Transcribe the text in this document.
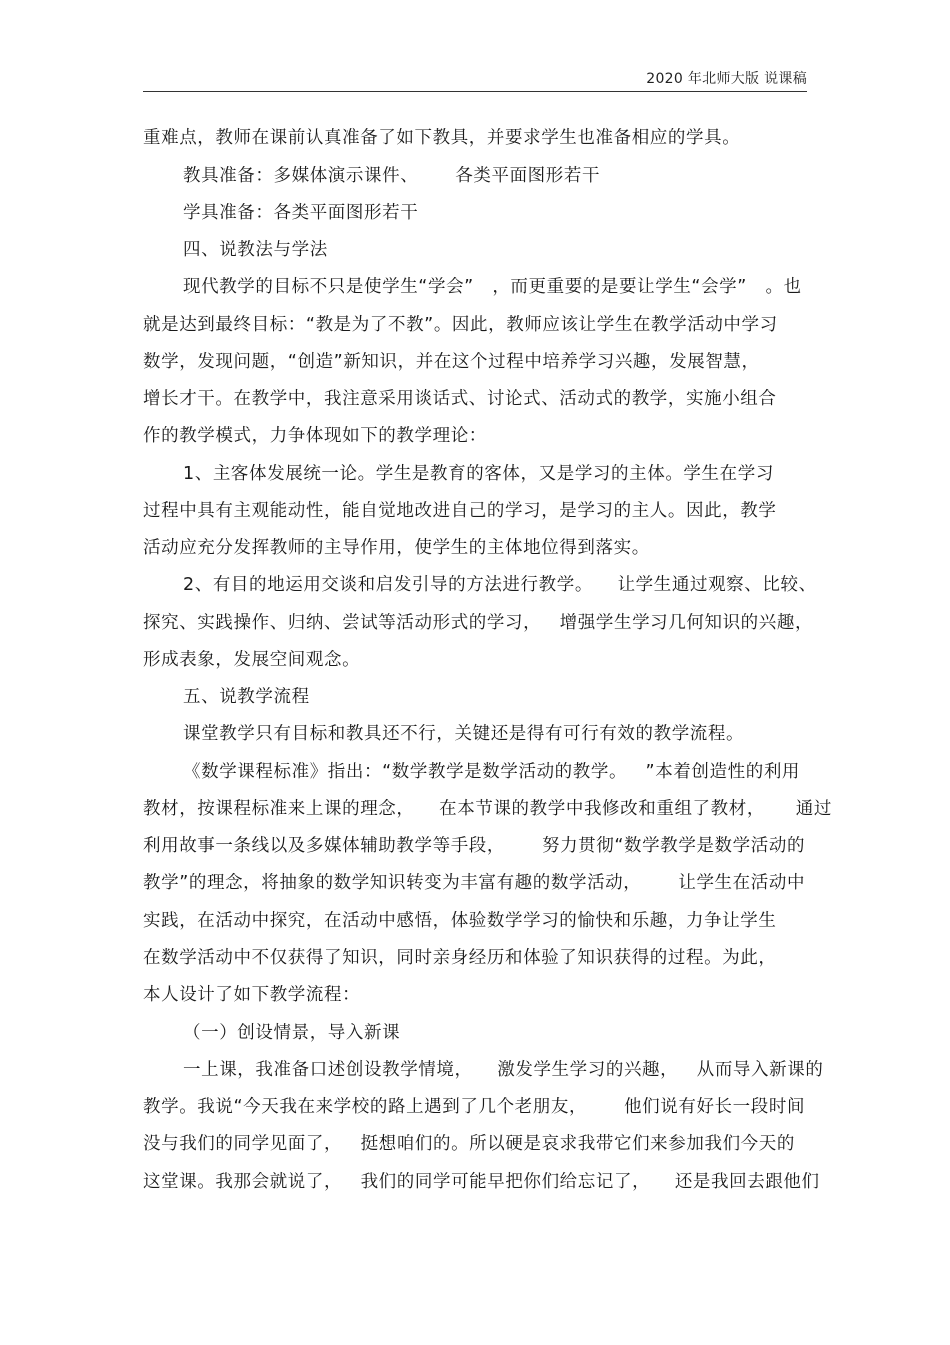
2020 年北师大版 说课稿
重难点，教师在课前认真准备了如下教具，并要求学生也准备相应的学具。
教具准备：多媒体演示课件、      各类平面图形若干
学具准备：各类平面图形若干
四、说教法与学法
现代教学的目标不只是使学生“学会”   ，而更重要的是要让学生“会学”   。也
就是达到最终目标：“教是为了不教”。因此，教师应该让学生在教学活动中学习
数学，发现问题，“创造”新知识，并在这个过程中培养学习兴趣，发展智慧，
增长才干。在教学中，我注意采用谈话式、讨论式、活动式的教学，实施小组合
作的教学模式，力争体现如下的教学理论：
1、主客体发展统一论。学生是教育的客体，又是学习的主体。学生在学习
过程中具有主观能动性，能自觉地改进自己的学习，是学习的主人。因此，教学
活动应充分发挥教师的主导作用，使学生的主体地位得到落实。
2、有目的地运用交谈和启发引导的方法进行教学。    让学生通过观察、比较、
探究、实践操作、归纳、尝试等活动形式的学习，   增强学生学习几何知识的兴趣，
形成表象，发展空间观念。
五、说教学流程
课堂教学只有目标和教具还不行，关键还是得有可行有效的教学流程。
《数学课程标准》指出：“数学教学是数学活动的教学。   ”本着创造性的利用
教材，按课程标准来上课的理念，    在本节课的教学中我修改和重组了教材，     通过
利用故事一条线以及多媒体辅助教学等手段，      努力贯彻“数学教学是数学活动的
教学”的理念，将抽象的数学知识转变为丰富有趣的数学活动，      让学生在活动中
实践，在活动中探究，在活动中感悟，体验数学学习的愉快和乐趣，力争让学生
在数学活动中不仅获得了知识，同时亲身经历和体验了知识获得的过程。为此，
本人设计了如下教学流程：
（一）创设情景，导入新课
一上课，我准备口述创设教学情境，    激发学生学习的兴趣，   从而导入新课的
教学。我说“今天我在来学校的路上遇到了几个老朋友，      他们说有好长一段时间
没与我们的同学见面了，   挺想咱们的。所以硬是哀求我带它们来参加我们今天的
这堂课。我那会就说了，   我们的同学可能早把你们给忘记了，    还是我回去跟他们
